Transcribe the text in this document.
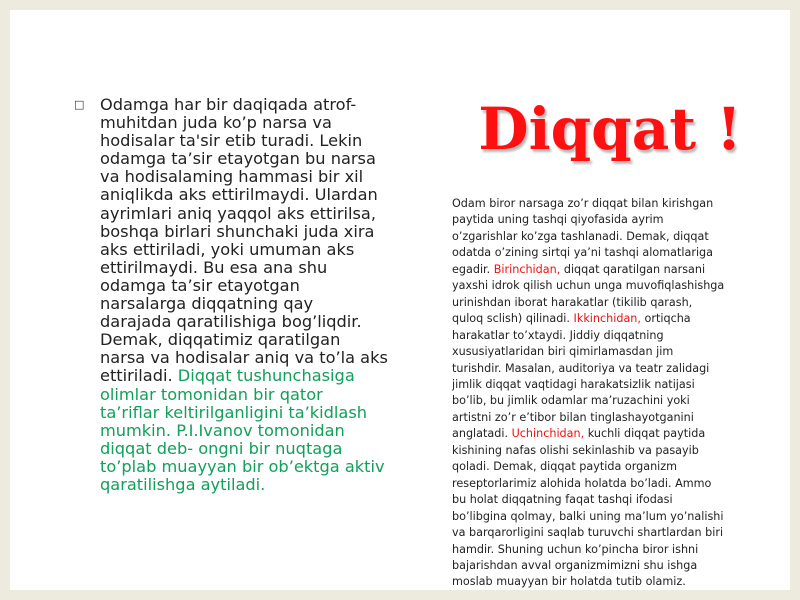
□ Odamga har bir daqiqada atrof-
muhitdan juda ko’p narsa va
hodisalar ta'sir etib turadi. Lekin
odamga ta’sir etayotgan bu narsa
va hodisalaming hammasi bir xil
aniqlikda aks ettirilmaydi. Ulardan
ayrimlari aniq yaqqol aks ettirilsa,
boshqa birlari shunchaki juda xira
aks ettiriladi, yoki umuman aks
ettirilmaydi. Bu esa ana shu
odamga ta’sir etayotgan
narsalarga diqqatning qay
darajada qaratilishiga bog’liqdir.
Demak, diqqatimiz qaratilgan
narsa va hodisalar aniq va to’la aks
ettiriladi. Diqqat tushunchasiga
olimlar tomonidan bir qator
ta’riflar keltirilganligini ta’kidlash
mumkin. P.I.Ivanov tomonidan
diqqat deb- ongni bir nuqtaga
to’plab muayyan bir ob’ektga aktiv
qaratilishga aytiladi.

Diqqat !

Odam biror narsaga zo’r diqqat bilan kirishgan
paytida uning tashqi qiyofasida ayrim
o’zgarishlar ko’zga tashlanadi. Demak, diqqat
odatda o’zining sirtqi ya’ni tashqi alomatlariga
egadir. Birinchidan, diqqat qaratilgan narsani
yaxshi idrok qilish uchun unga muvofiqlashishga
urinishdan iborat harakatlar (tikilib qarash,
quloq sclish) qilinadi. Ikkinchidan, ortiqcha
harakatlar to’xtaydi. Jiddiy diqqatning
xususiyatlaridan biri qimirlamasdan jim
turishdir. Masalan, auditoriya va teatr zalidagi
jimlik diqqat vaqtidagi harakatsizlik natijasi
bo’lib, bu jimlik odamlar ma’ruzachini yoki
artistni zo’r e’tibor bilan tinglashayotganini
anglatadi. Uchinchidan, kuchli diqqat paytida
kishining nafas olishi sekinlashib va pasayib
qoladi. Demak, diqqat paytida organizm
reseptorlarimiz alohida holatda bo’ladi. Ammo
bu holat diqqatning faqat tashqi ifodasi
bo’libgina qolmay, balki uning ma’lum yo’nalishi
va barqarorligini saqlab turuvchi shartlardan biri
hamdir. Shuning uchun ko’pincha biror ishni
bajarishdan avval organizmimizni shu ishga
moslab muayyan bir holatda tutib olamiz.
